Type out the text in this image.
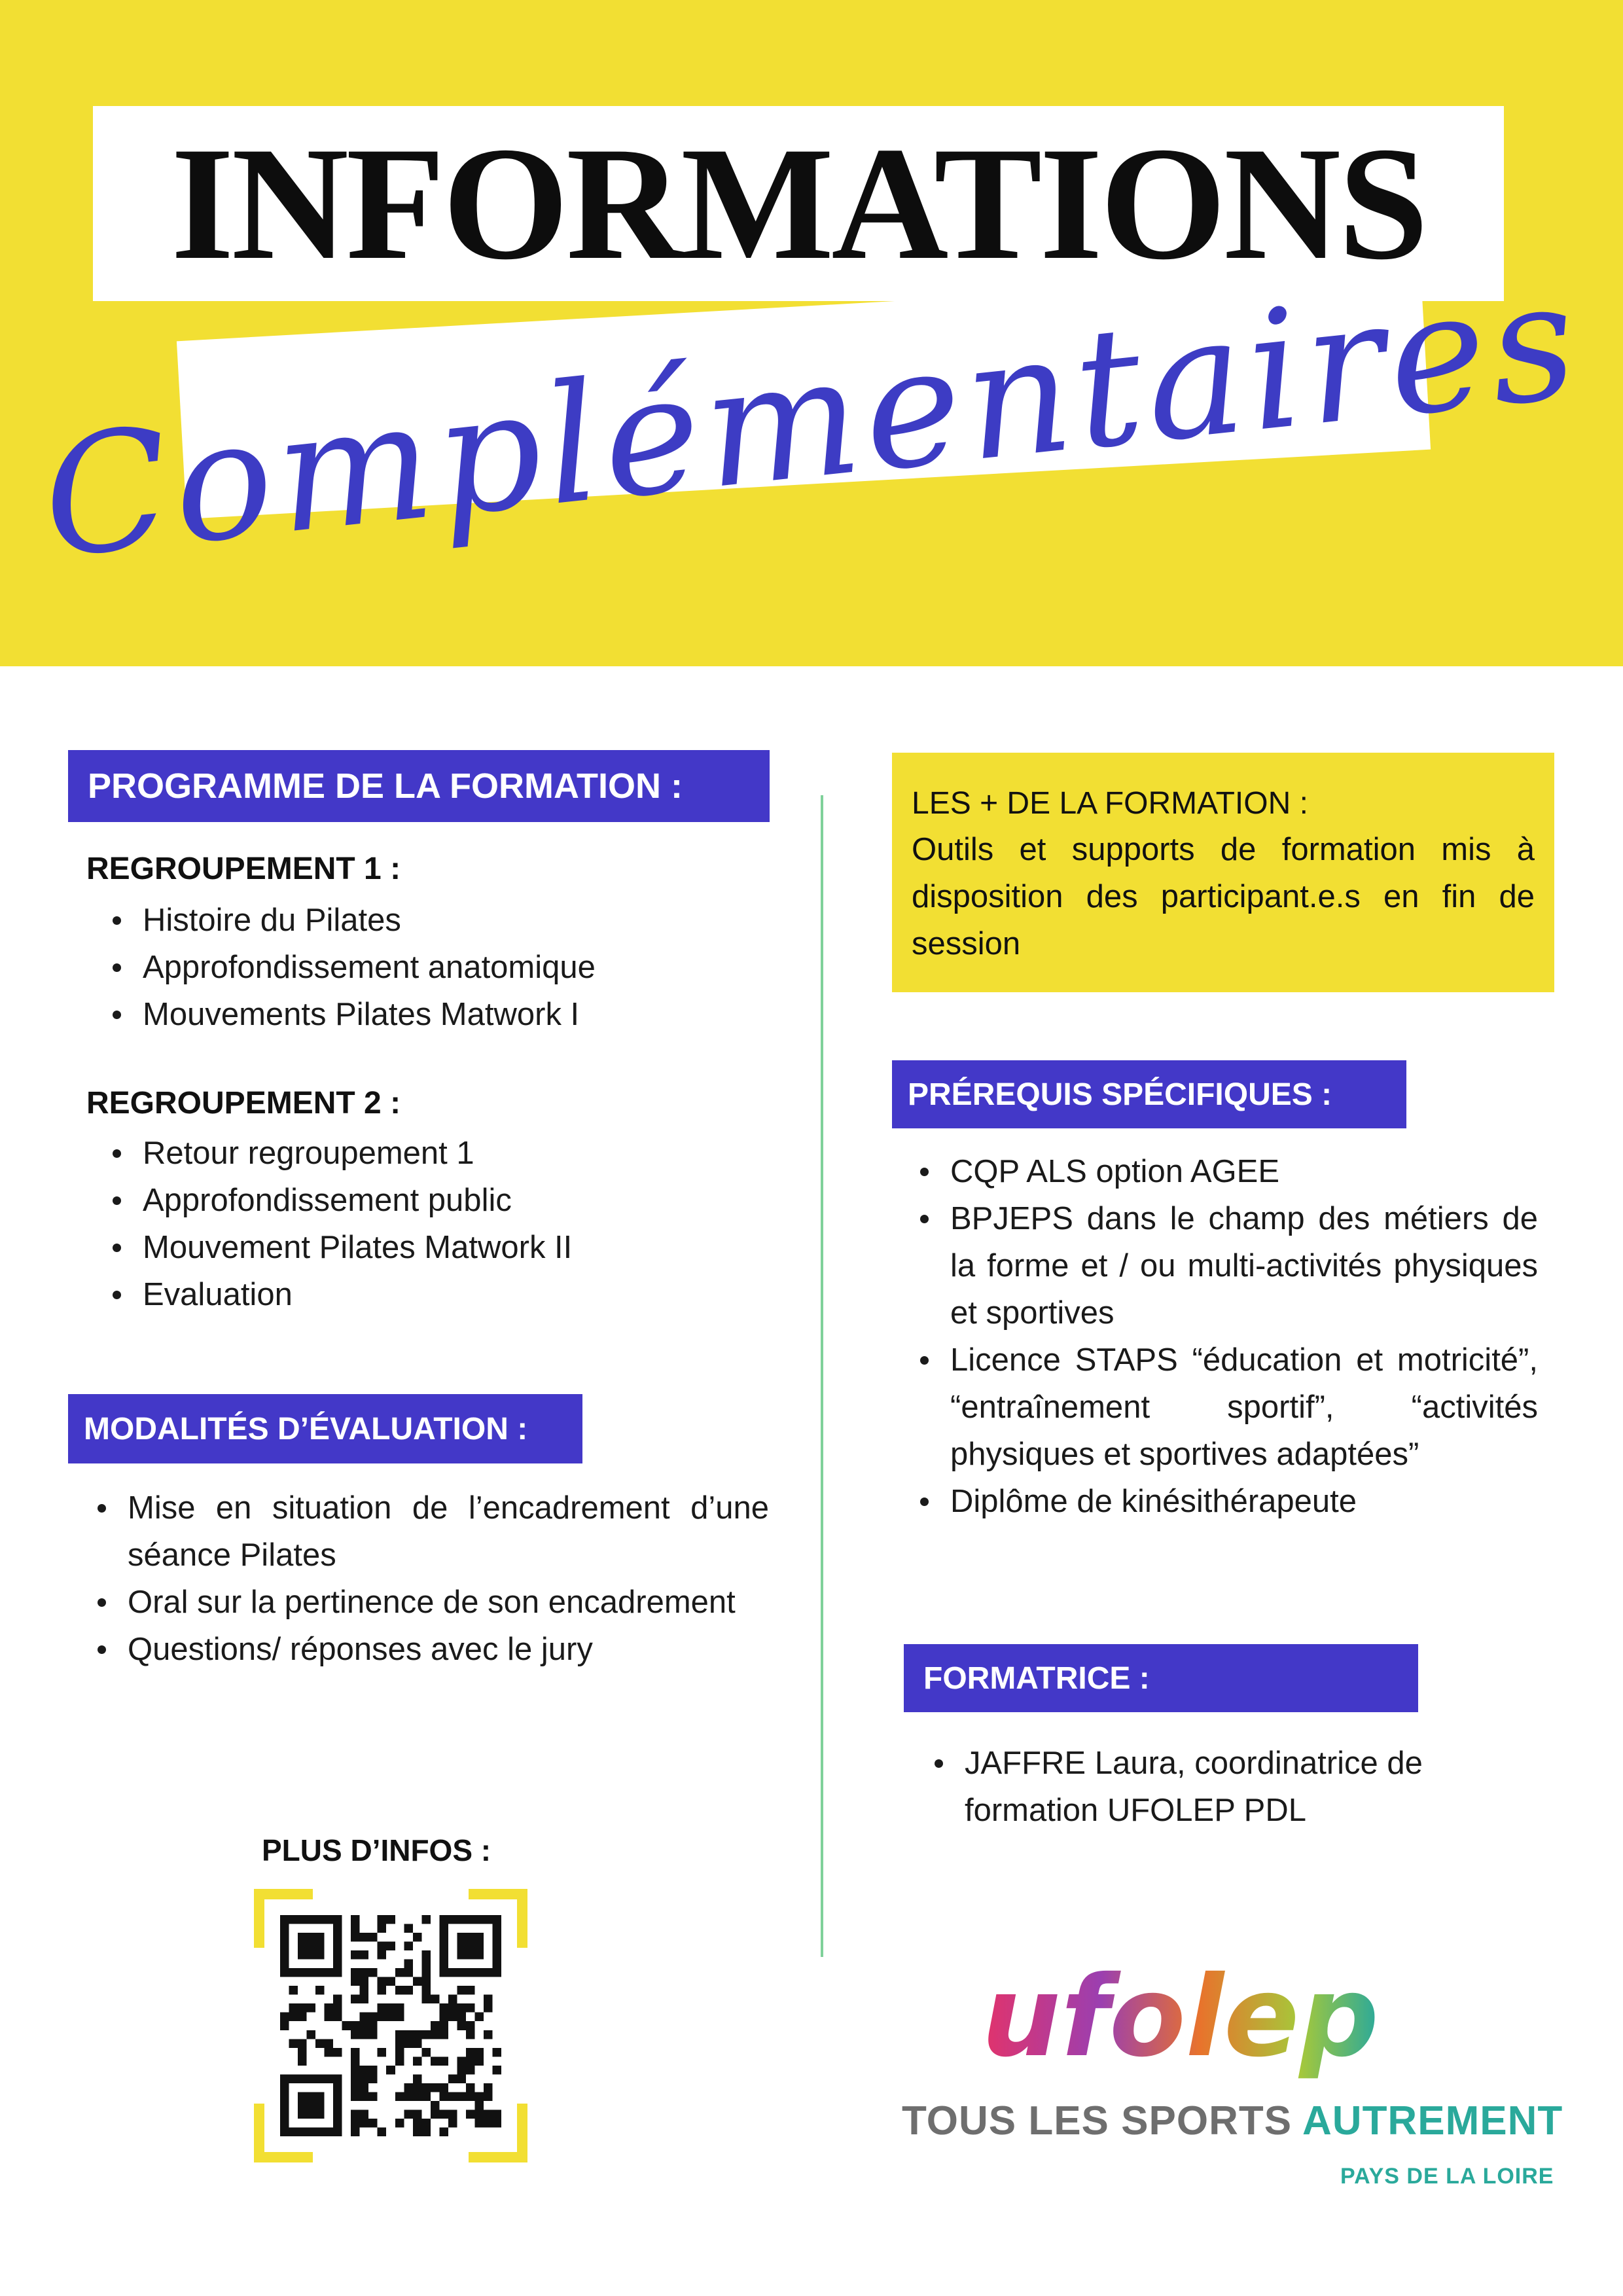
INFORMATIONS
Complémentaires
PROGRAMME DE LA FORMATION :
REGROUPEMENT 1 :
Histoire du Pilates
Approfondissement anatomique
Mouvements Pilates Matwork I
REGROUPEMENT 2 :
Retour regroupement 1
Approfondissement public
Mouvement Pilates Matwork II
Evaluation
MODALITÉS D’ÉVALUATION :
Mise en situation de l’encadrement d’une séance Pilates
Oral sur la pertinence de son encadrement
Questions/ réponses avec le jury
LES + DE LA FORMATION :
Outils et supports de formation mis à disposition des participant.e.s en fin de session
PRÉREQUIS SPÉCIFIQUES :
CQP ALS option AGEE
BPJEPS dans le champ des métiers de la forme et / ou multi-activités physiques et sportives
Licence STAPS “éducation et motricité”, “entraînement sportif”, “activités physiques et sportives adaptées”
Diplôme de kinésithérapeute
FORMATRICE :
JAFFRE Laura, coordinatrice de formation UFOLEP PDL
PLUS D’INFOS :
ufolep
TOUS LES SPORTS AUTREMENT
PAYS DE LA LOIRE
